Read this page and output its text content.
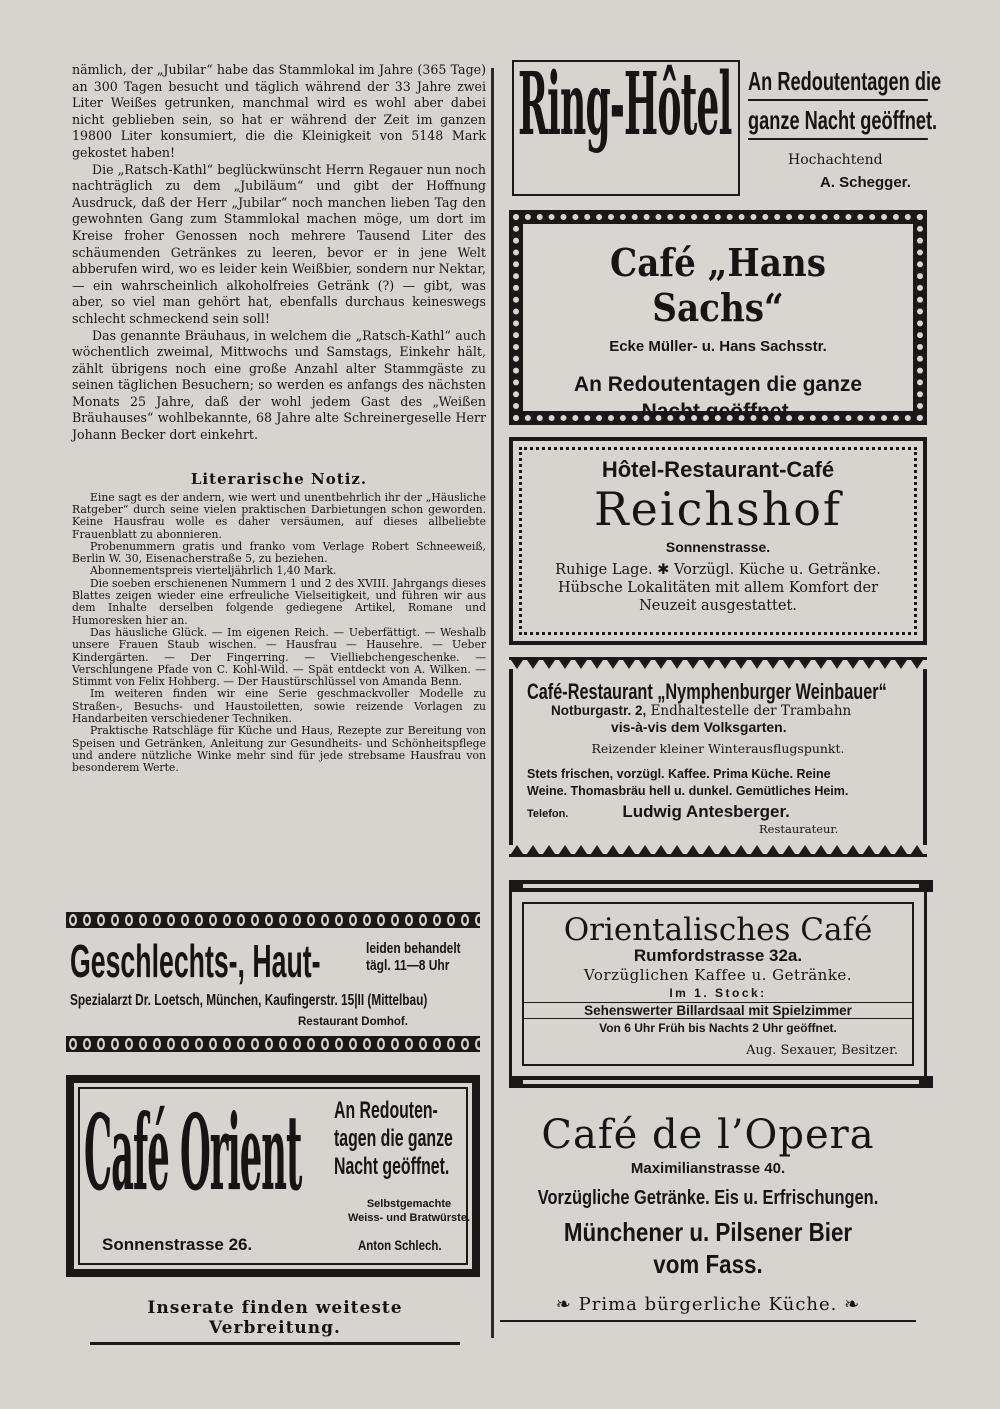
nämlich, der „Jubilar“ habe das Stammlokal im Jahre (365 Tage) an 300 Tagen besucht und täglich während der 33 Jahre zwei Liter Weißes getrunken, manchmal wird es wohl aber dabei nicht geblieben sein, so hat er während der Zeit im ganzen 19800 Liter konsumiert, die die Kleinigkeit von 5148 Mark gekostet haben!

Die „Ratsch-Kathl“ beglückwünscht Herrn Regauer nun noch nachträglich zu dem „Jubiläum“ und gibt der Hoffnung Ausdruck, daß der Herr „Jubilar“ noch manchen lieben Tag den gewohnten Gang zum Stammlokal machen möge, um dort im Kreise froher Genossen noch mehrere Tausend Liter des schäumenden Getränkes zu leeren, bevor er in jene Welt abberufen wird, wo es leider kein Weißbier, sondern nur Nektar, — ein wahrscheinlich alkoholfreies Getränk (?) — gibt, was aber, so viel man gehört hat, ebenfalls durchaus keineswegs schlecht schmeckend sein soll!

Das genannte Bräuhaus, in welchem die „Ratsch-Kathl“ auch wöchentlich zweimal, Mittwochs und Samstags, Einkehr hält, zählt übrigens noch eine große Anzahl alter Stammgäste zu seinen täglichen Besuchern; so werden es anfangs des nächsten Monats 25 Jahre, daß der wohl jedem Gast des „Weißen Bräuhauses“ wohlbekannte, 68 Jahre alte Schreinergeselle Herr Johann Becker dort einkehrt.

Literarische Notiz.

Eine sagt es der andern, wie wert und unentbehrlich ihr der „Häusliche Ratgeber“ durch seine vielen praktischen Darbietungen schon geworden. Keine Hausfrau wolle es daher versäumen, auf dieses allbeliebte Frauenblatt zu abonnieren.

Probenummern gratis und franko vom Verlage Robert Schneeweiß, Berlin W. 30, Eisenacherstraße 5, zu beziehen.

Abonnementspreis vierteljährlich 1,40 Mark.

Die soeben erschienenen Nummern 1 und 2 des XVIII. Jahrgangs dieses Blattes zeigen wieder eine erfreuliche Vielseitigkeit, und führen wir aus dem Inhalte derselben folgende gediegene Artikel, Romane und Humoresken hier an.

Das häusliche Glück. — Im eigenen Reich. — Ueberfättigt. — Weshalb unsere Frauen Staub wischen. — Hausfrau — Hausehre. — Ueber Kindergärten. — Der Fingerring. — Vielliebchengeschenke. — Verschlungene Pfade von C. Kohl-Wild. — Spät entdeckt von A. Wilken. — Stimmt von Felix Hohberg. — Der Haustürschlüssel von Amanda Benn.

Im weiteren finden wir eine Serie geschmackvoller Modelle zu Straßen-, Besuchs- und Haustoiletten, sowie reizende Vorlagen zu Handarbeiten verschiedener Techniken.

Praktische Ratschläge für Küche und Haus, Rezepte zur Bereitung von Speisen und Getränken, Anleitung zur Gesundheits- und Schönheitspflege und andere nützliche Winke mehr sind für jede strebsame Hausfrau von besonderem Werte.

Geschlechts-, Haut-	leiden behandelt
tägl. 11—8 Uhr
Spezialarzt Dr. Loetsch, München, Kaufingerstr. 15|II (Mittelbau)
Restaurant Domhof.
Café Orient An Redouten-
tagen die ganze
Nacht geöffnet.
Selbstgemachte
Weiss- und Bratwürste.
Sonnenstrasse 26.	Anton Schlech.
Inserate finden weiteste Verbreitung.
Ring-Hôtel An Redoutentagen die
ganze Nacht geöffnet.
Hochachtend
A. Schegger.
Café „Hans Sachs“
Ecke Müller- u. Hans Sachsstr.
An Redoutentagen die ganze
Nacht geöffnet.
Hôtel-Restaurant-Café
Reichshof
Sonnenstrasse.
Ruhige Lage. ✱ Vorzügl. Küche u. Getränke.
Hübsche Lokalitäten mit allem Komfort der
Neuzeit ausgestattet.
Café-Restaurant „Nymphenburger Weinbauer“
Notburgastr. 2, Endhaltestelle der Trambahn
vis-à-vis dem Volksgarten.
Reizender kleiner Winterausflugspunkt.
Stets frischen, vorzügl. Kaffee. Prima Küche. Reine
Weine. Thomasbräu hell u. dunkel. Gemütliches Heim.
Telefon.	Ludwig Antesberger.
Restaurateur.
Orientalisches Café
Rumfordstrasse 32a.
Vorzüglichen Kaffee u. Getränke.
Im 1. Stock:
Sehenswerter Billardsaal mit Spielzimmer
Von 6 Uhr Früh bis Nachts 2 Uhr geöffnet.
Aug. Sexauer, Besitzer.
Café de l’Opera
Maximilianstrasse 40.
Vorzügliche Getränke. Eis u. Erfrischungen.
Münchener u. Pilsener Bier
vom Fass.
❧ Prima bürgerliche Küche. ❧
